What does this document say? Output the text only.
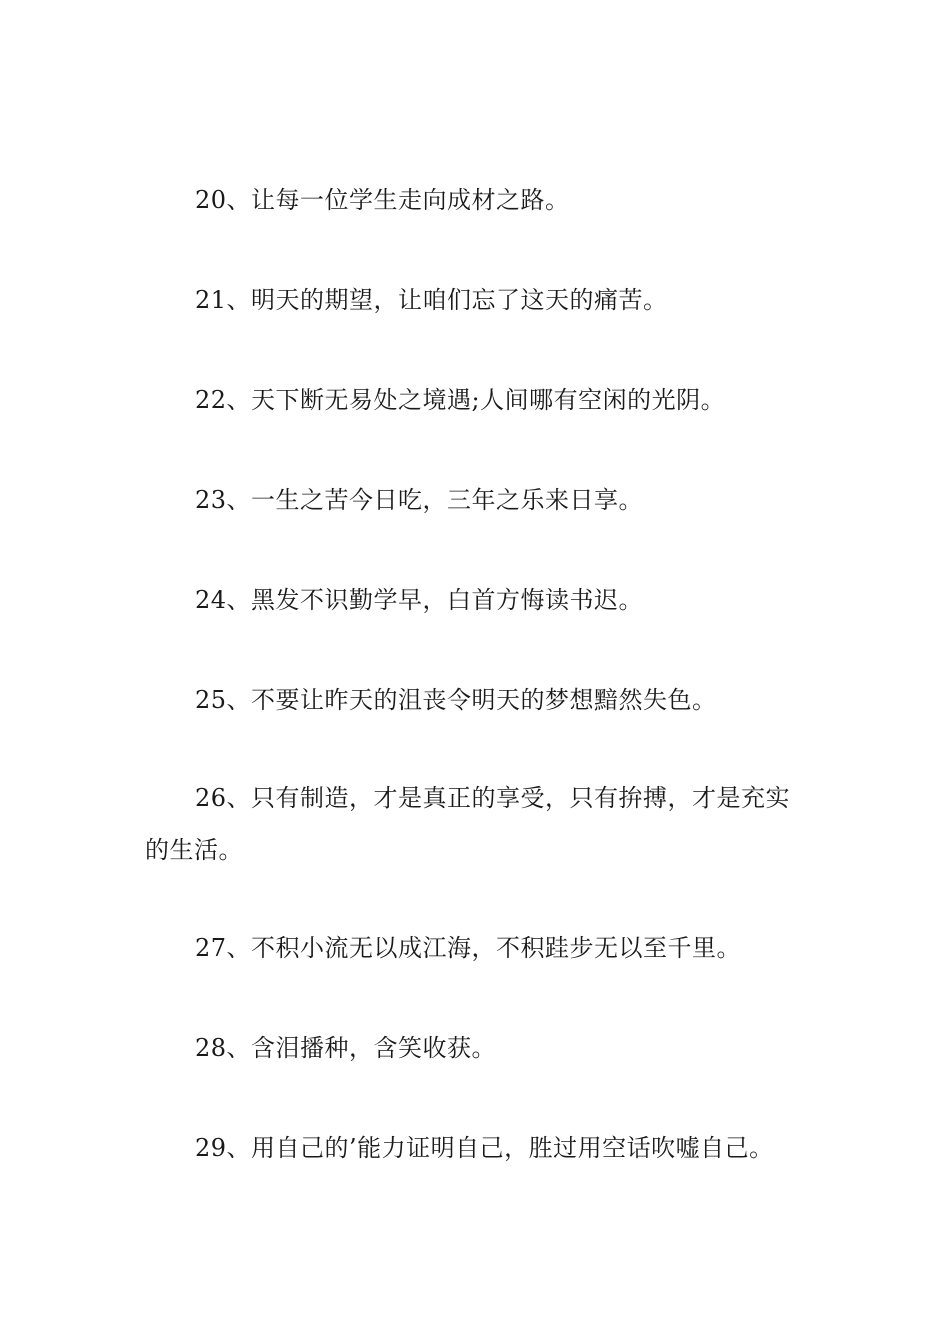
20、让每一位学生走向成材之路。

21、明天的期望，让咱们忘了这天的痛苦。

22、天下断无易处之境遇;人间哪有空闲的光阴。

23、一生之苦今日吃，三年之乐来日享。

24、黑发不识勤学早，白首方悔读书迟。

25、不要让昨天的沮丧令明天的梦想黯然失色。

26、只有制造，才是真正的享受，只有拚搏，才是充实的生活。

27、不积小流无以成江海，不积跬步无以至千里。

28、含泪播种，含笑收获。

29、用自己的’能力证明自己，胜过用空话吹嘘自己。
